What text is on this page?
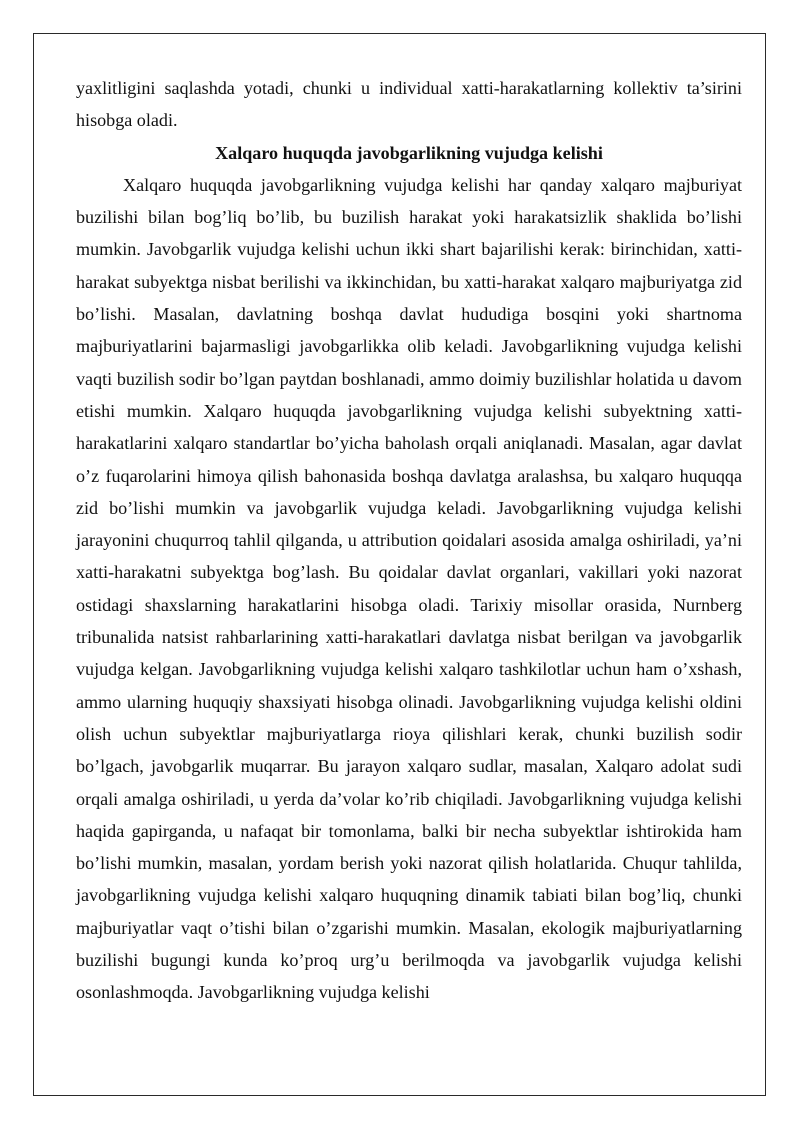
yaxlitligini saqlashda yotadi, chunki u individual xatti-harakatlarning kollektiv ta’sirini hisobga oladi.

Xalqaro huquqda javobgarlikning vujudga kelishi

Xalqaro huquqda javobgarlikning vujudga kelishi har qanday xalqaro majburiyat buzilishi bilan bog’liq bo’lib, bu buzilish harakat yoki harakatsizlik shaklida bo’lishi mumkin. Javobgarlik vujudga kelishi uchun ikki shart bajarilishi kerak: birinchidan, xatti-harakat subyektga nisbat berilishi va ikkinchidan, bu xatti-harakat xalqaro majburiyatga zid bo’lishi. Masalan, davlatning boshqa davlat hududiga bosqini yoki shartnoma majburiyatlarini bajarmasligi javobgarlikka olib keladi. Javobgarlikning vujudga kelishi vaqti buzilish sodir bo’lgan paytdan boshlanadi, ammo doimiy buzilishlar holatida u davom etishi mumkin. Xalqaro huquqda javobgarlikning vujudga kelishi subyektning xatti-harakatlarini xalqaro standartlar bo’yicha baholash orqali aniqlanadi. Masalan, agar davlat o’z fuqarolarini himoya qilish bahonasida boshqa davlatga aralashsa, bu xalqaro huquqqa zid bo’lishi mumkin va javobgarlik vujudga keladi. Javobgarlikning vujudga kelishi jarayonini chuqurroq tahlil qilganda, u attribution qoidalari asosida amalga oshiriladi, ya’ni xatti-harakatni subyektga bog’lash. Bu qoidalar davlat organlari, vakillari yoki nazorat ostidagi shaxslarning harakatlarini hisobga oladi. Tarixiy misollar orasida, Nurnberg tribunalida natsist rahbarlarining xatti-harakatlari davlatga nisbat berilgan va javobgarlik vujudga kelgan. Javobgarlikning vujudga kelishi xalqaro tashkilotlar uchun ham o’xshash, ammo ularning huquqiy shaxsiyati hisobga olinadi. Javobgarlikning vujudga kelishi oldini olish uchun subyektlar majburiyatlarga rioya qilishlari kerak, chunki buzilish sodir bo’lgach, javobgarlik muqarrar. Bu jarayon xalqaro sudlar, masalan, Xalqaro adolat sudi orqali amalga oshiriladi, u yerda da’volar ko’rib chiqiladi. Javobgarlikning vujudga kelishi haqida gapirganda, u nafaqat bir tomonlama, balki bir necha subyektlar ishtirokida ham bo’lishi mumkin, masalan, yordam berish yoki nazorat qilish holatlarida. Chuqur tahlilda, javobgarlikning vujudga kelishi xalqaro huquqning dinamik tabiati bilan bog’liq, chunki majburiyatlar vaqt o’tishi bilan o’zgarishi mumkin. Masalan, ekologik majburiyatlarning buzilishi bugungi kunda ko’proq urg’u berilmoqda va javobgarlik vujudga kelishi osonlashmoqda. Javobgarlikning vujudga kelishi
